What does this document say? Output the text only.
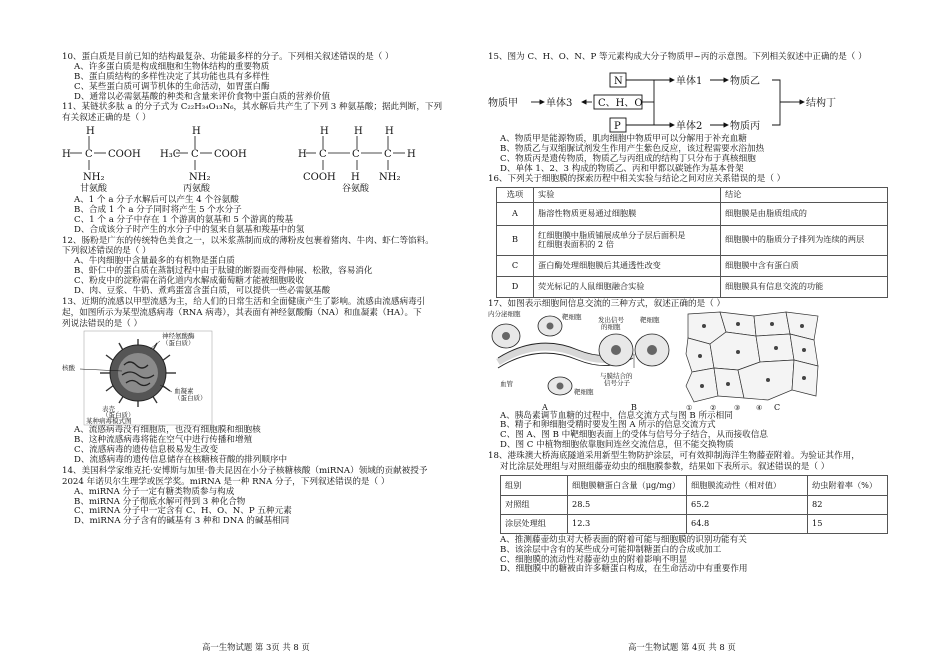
10、蛋白质是目前已知的结构最复杂、功能最多样的分子。下列相关叙述错误的是（ ）

A、许多蛋白质是构成细胞和生物体结构的重要物质

B、蛋白质结构的多样性决定了其功能也具有多样性

C、某些蛋白质可调节机体的生命活动，如胃蛋白酶

D、通常以必需氨基酸的种类和含量来评价食物中蛋白质的营养价值

11、某链状多肽 a 的分子式为 C₂₂H₃₄O₁₃N₆，其水解后共产生了下列 3 种氨基酸；据此判断，下列

有关叙述正确的是（ ）

H
H C COOH
NH₂
甘氨酸
H
H₃C C COOH
NH₂
丙氨酸
H	H H
H C	C C H
COOH H NH₂
谷氨酸

A、1 个 a 分子水解后可以产生 4 个谷氨酸

B、合成 1 个 a 分子同时将产生 5 个水分子

C、1 个 a 分子中存在 1 个游离的氨基和 5 个游离的羧基

D、合成该分子时产生的水分子中的氢来自氨基和羧基中的氢

12、肠粉是广东的传统特色美食之一，以米浆蒸制而成的薄粉皮包裹着猪肉、牛肉、虾仁等馅料。

下列叙述错误的是（ ）

A、牛肉细胞中含量最多的有机物是蛋白质

B、虾仁中的蛋白质在蒸制过程中由于肽键的断裂而变得伸展、松散，容易消化

C、粉皮中的淀粉需在消化道内水解成葡萄糖才能被细胞吸收

D、肉、豆浆、牛奶、煮鸡蛋富含蛋白质，可以提供一些必需氨基酸

13、近期的流感以甲型流感为主，给人们的日常生活和全面健康产生了影响。流感由流感病毒引

起，如图所示为某型流感病毒（RNA 病毒），其表面有神经氨酸酶（NA）和血凝素（HA）。下

列说法错误的是（ ）

神经氨酸酶
（蛋白质）
核酸
血凝素
（蛋白质）
表壳
（蛋白质）
某种病毒模式图

A、流感病毒没有细胞质，也没有细胞膜和细胞核

B、这种流感病毒将能在空气中进行传播和增殖

C、流感病毒的遗传信息极易发生改变

D、流感病毒的遗传信息储存在核糖核苷酸的排列顺序中

14、美国科学家维克托·安博斯与加里·鲁夫昆因在小分子核糖核酸（miRNA）领域的贡献被授予

2024 年诺贝尔生理学或医学奖。miRNA 是一种 RNA 分子，下列叙述错误的是（ ）

A、miRNA 分子一定有糖类物质参与构成

B、miRNA 分子彻底水解可得到 3 种化合物

C、miRNA 分子中一定含有 C、H、O、N、P 五种元素

D、miRNA 分子含有的碱基有 3 种和 DNA 的碱基相同

高一生物试题 第 3页 共 8 页

15、图为 C、H、O、N、P 等元素构成大分子物质甲~丙的示意图。下列相关叙述中正确的是（ ）

N
C、H、O
P
物质甲	单体3
单体1	物质乙
单体2	物质丙
结构丁

A、物质甲是能源物质，肌肉细胞中物质甲可以分解用于补充血糖

B、物质乙与双缩脲试剂发生作用产生紫色反应，该过程需要水浴加热

C、物质丙是遗传物质，物质乙与丙组成的结构丁只分布于真核细胞

D、单体 1、2、3 构成的物质乙、丙和甲都以碳链作为基本骨架

16、下列关于细胞膜的探索历程中相关实验与结论之间对应关系错误的是（ ）

选项	实验	结论
A	脂溶性物质更易通过细胞膜	细胞膜是由脂质组成的
B	红细胞膜中脂质铺展成单分子层后面积是
红细胞表面积的 2 倍	细胞膜中的脂质分子排列为连续的两层
C	蛋白酶处理细胞膜后其通透性改变	细胞膜中含有蛋白质
D	荧光标记的人鼠细胞融合实验	细胞膜具有信息交流的功能

17、如图表示细胞间信息交流的三种方式，叙述正确的是（ ）

内分泌细胞	靶细胞
血管
靶细胞
A
发出信号
的细胞
靶细胞
与膜结合的
信号分子
B	①	②	③ ④ C

A、胰岛素调节血糖的过程中，信息交流方式与图 B 所示相同

B、精子和卵细胞受精时要发生图 A 所示的信息交流方式

C、图 A、图 B 中靶细胞表面上的受体与信号分子结合，从而接收信息

D、图 C 中植物细胞依靠胞间连丝交流信息，但不能交换物质

18、港珠澳大桥海底隧道采用新型生物防护涂层，可有效抑制海洋生物藤壶附着。为验证其作用，

对比涂层处理组与对照组藤壶幼虫的细胞膜参数，结果如下表所示。叙述错误的是（ ）

组别	细胞膜糖蛋白含量（μg/mg）	细胞膜流动性（相对值）	幼虫附着率（%）
对照组	28.5	65.2	82
涂层处理组	12.3	64.8	15

A、推测藤壶幼虫对大桥表面的附着可能与细胞膜的识别功能有关

B、该涂层中含有的某些成分可能抑制糖蛋白的合成或加工

C、细胞膜的流动性对藤壶幼虫的附着影响不明显

D、细胞膜中的糖被由许多糖蛋白构成，在生命活动中有重要作用

高一生物试题 第 4页 共 8 页
